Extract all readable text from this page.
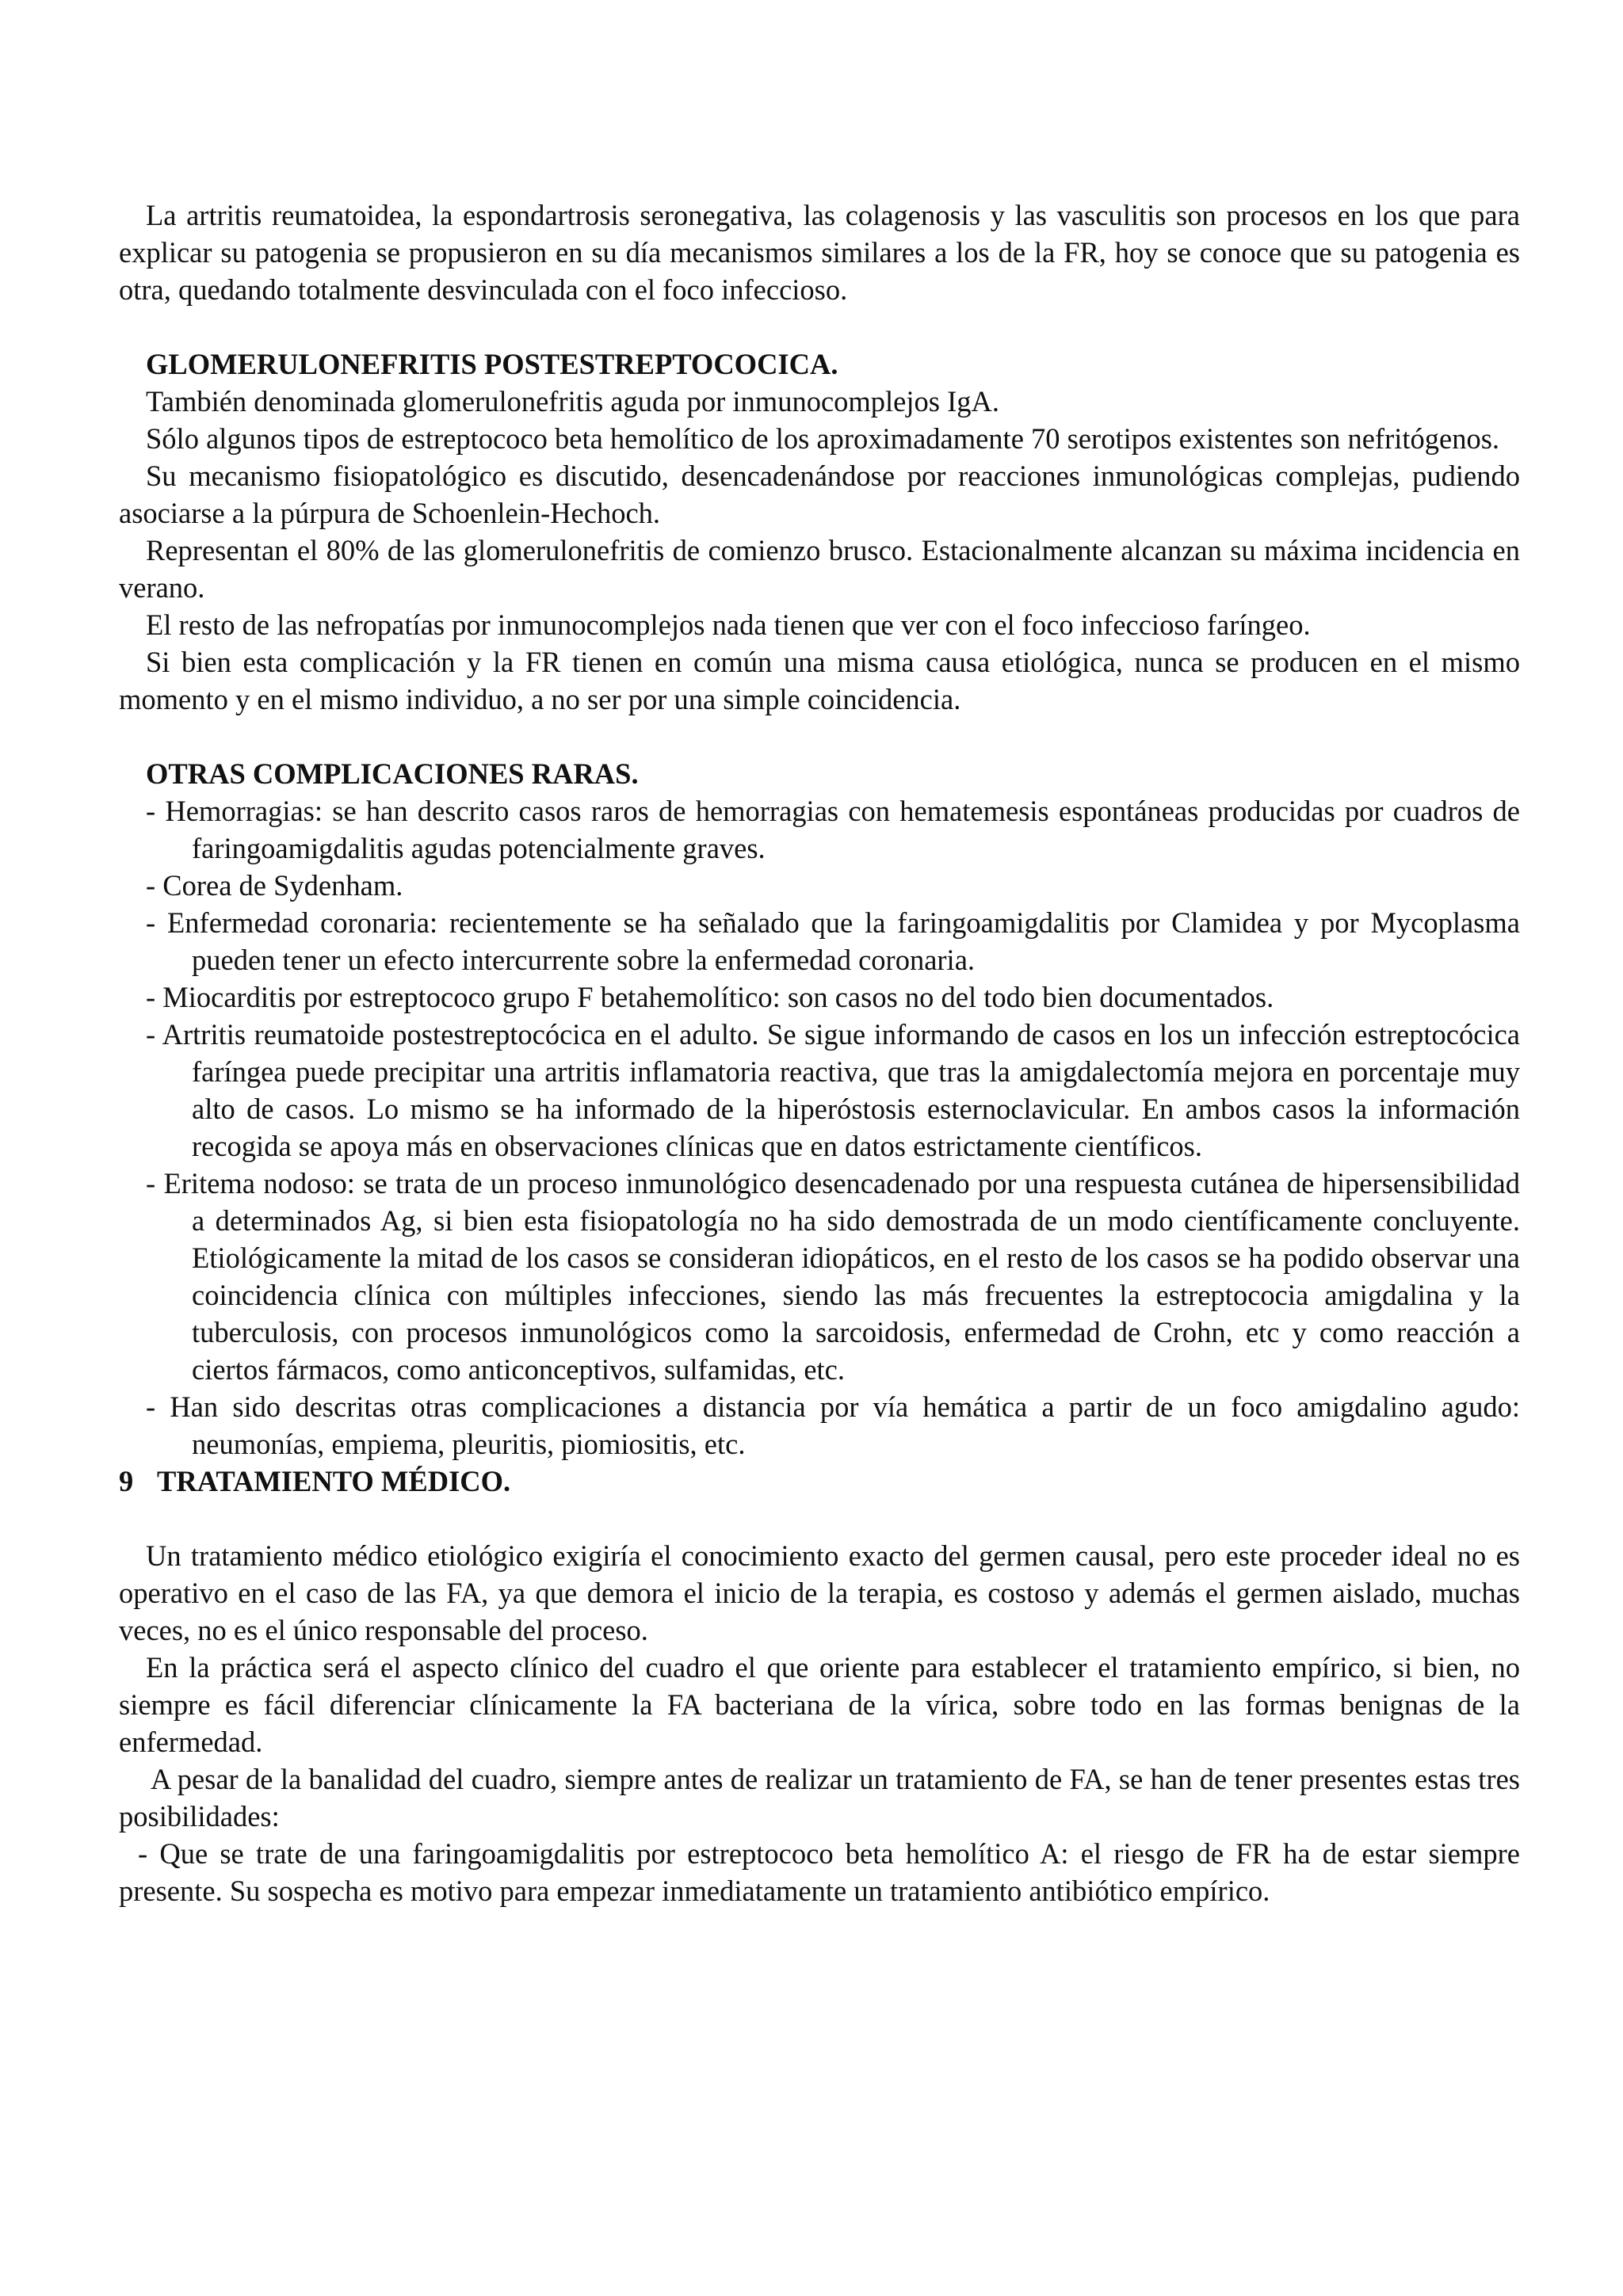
La artritis reumatoidea, la espondartrosis seronegativa, las colagenosis y las vasculitis son procesos en los que para explicar su patogenia se propusieron en su día mecanismos similares a los de la FR, hoy se conoce que su patogenia es otra, quedando totalmente desvinculada con el foco infeccioso.

GLOMERULONEFRITIS POSTESTREPTOCOCICA.

También denominada glomerulonefritis aguda por inmunocomplejos IgA.

Sólo algunos tipos de estreptococo beta hemolítico de los aproximadamente 70 serotipos existentes son nefritógenos.

Su mecanismo fisiopatológico es discutido, desencadenándose por reacciones inmunológicas complejas, pudiendo asociarse a la púrpura de Schoenlein-Hechoch.

Representan el 80% de las glomerulonefritis de comienzo brusco. Estacionalmente alcanzan su máxima incidencia en verano.

El resto de las nefropatías por inmunocomplejos nada tienen que ver con el foco infeccioso faríngeo.

Si bien esta complicación y la FR tienen en común una misma causa etiológica, nunca se producen en el mismo momento y en el mismo individuo, a no ser por una simple coincidencia.

OTRAS COMPLICACIONES RARAS.
- Hemorragias: se han descrito casos raros de hemorragias con hematemesis espontáneas producidas por cuadros de faringoamigdalitis agudas potencialmente graves.
- Corea de Sydenham.
- Enfermedad coronaria: recientemente se ha señalado que la faringoamigdalitis por Clamidea y por Mycoplasma pueden tener un efecto intercurrente sobre la enfermedad coronaria.
- Miocarditis por estreptococo grupo F betahemolítico: son casos no del todo bien documentados.
- Artritis reumatoide postestreptocócica en el adulto. Se sigue informando de casos en los un infección estreptocócica faríngea puede precipitar una artritis inflamatoria reactiva, que tras la amigdalectomía mejora en porcentaje muy alto de casos. Lo mismo se ha informado de la hiperóstosis esternoclavicular. En ambos casos la información recogida se apoya más en observaciones clínicas que en datos estrictamente científicos.
- Eritema nodoso: se trata de un proceso inmunológico desencadenado por una respuesta cutánea de hipersensibilidad a determinados Ag, si bien esta fisiopatología no ha sido demostrada de un modo científicamente concluyente. Etiológicamente la mitad de los casos se consideran idiopáticos, en el resto de los casos se ha podido observar una coincidencia clínica con múltiples infecciones, siendo las más frecuentes la estreptococia amigdalina y la tuberculosis, con procesos inmunológicos como la sarcoidosis, enfermedad de Crohn, etc y como reacción a ciertos fármacos, como anticonceptivos, sulfamidas, etc.
- Han sido descritas otras complicaciones a distancia por vía hemática a partir de un foco amigdalino agudo: neumonías, empiema, pleuritis, piomiositis, etc.
9 TRATAMIENTO MÉDICO.

Un tratamiento médico etiológico exigiría el conocimiento exacto del germen causal, pero este proceder ideal no es operativo en el caso de las FA, ya que demora el inicio de la terapia, es costoso y además el germen aislado, muchas veces, no es el único responsable del proceso.

En la práctica será el aspecto clínico del cuadro el que oriente para establecer el tratamiento empírico, si bien, no siempre es fácil diferenciar clínicamente la FA bacteriana de la vírica, sobre todo en las formas benignas de la enfermedad.

A pesar de la banalidad del cuadro, siempre antes de realizar un tratamiento de FA, se han de tener presentes estas tres posibilidades:

- Que se trate de una faringoamigdalitis por estreptococo beta hemolítico A: el riesgo de FR ha de estar siempre presente. Su sospecha es motivo para empezar inmediatamente un tratamiento antibiótico empírico.
